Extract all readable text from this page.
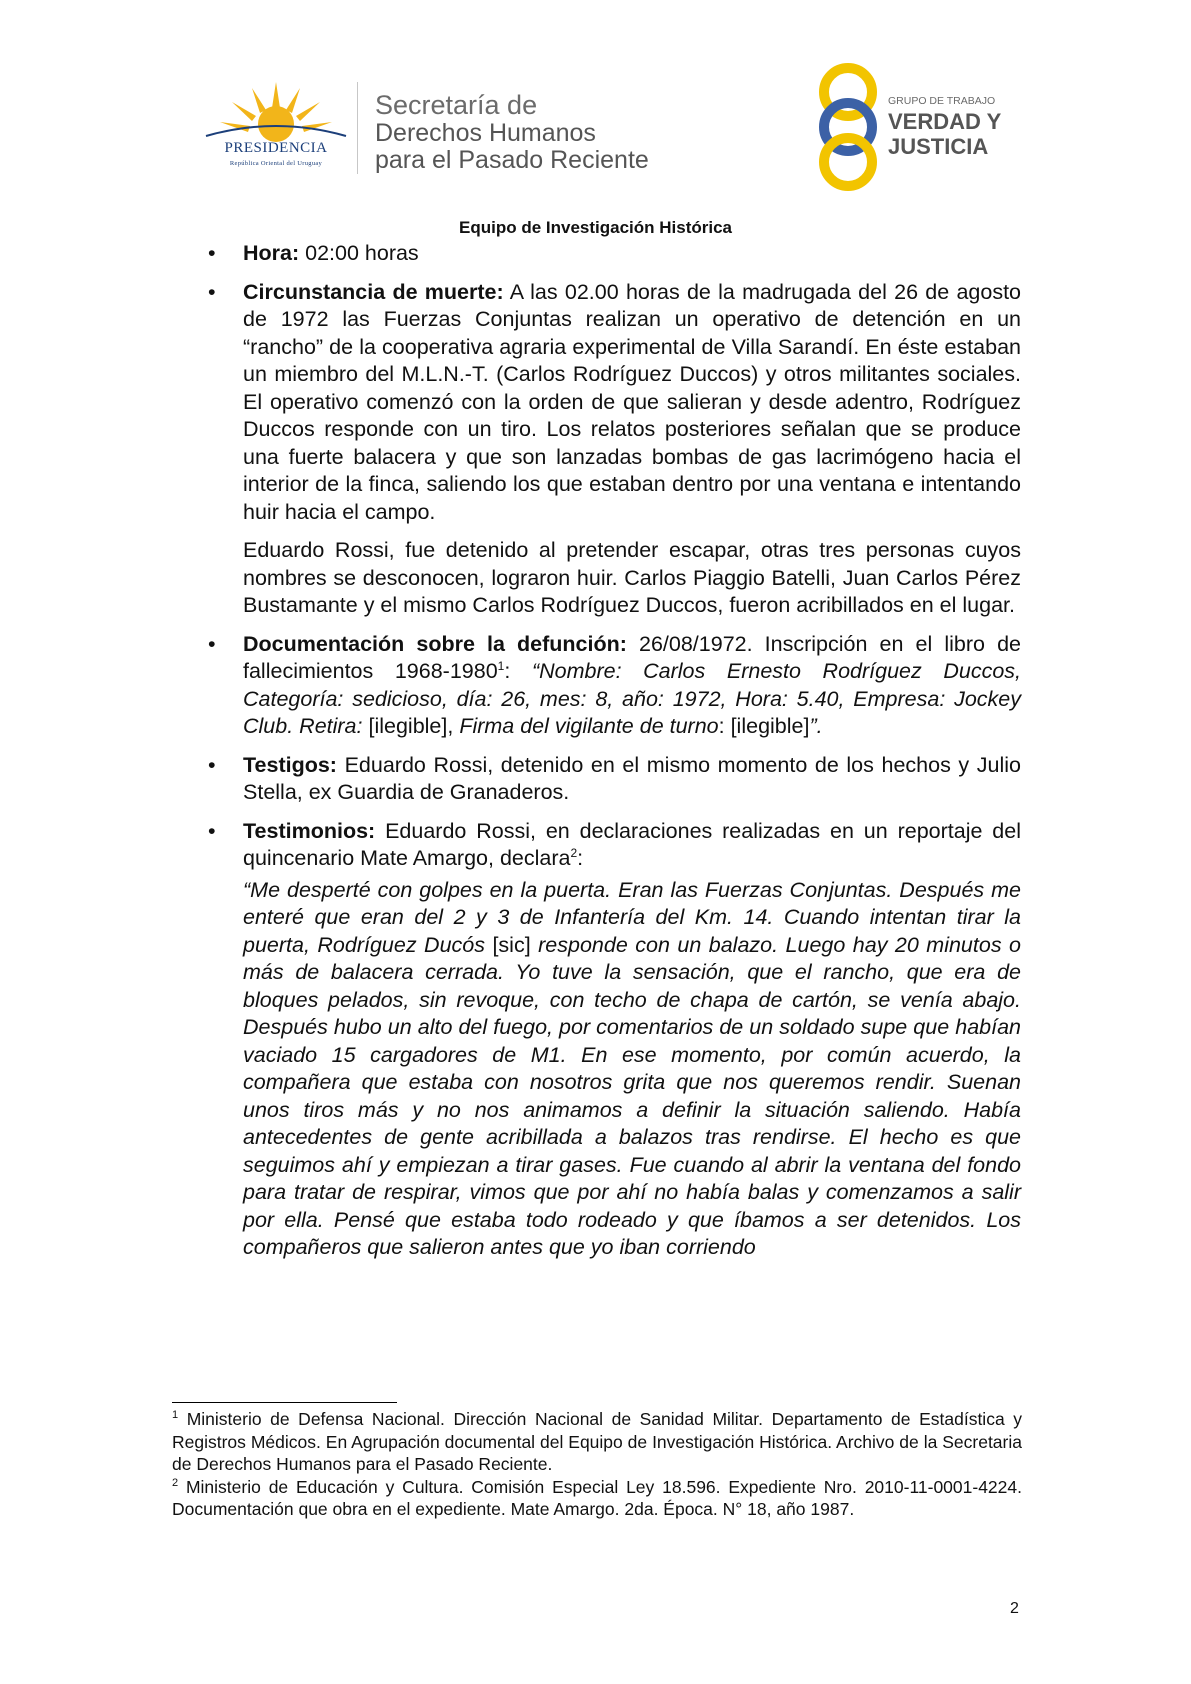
PRESIDENCIA
República Oriental del Uruguay
Secretaría de
Derechos Humanos
para el Pasado Reciente
GRUPO DE TRABAJO
VERDAD Y
JUSTICIA
Equipo de Investigación Histórica
• Hora: 02:00 horas
• Circunstancia de muerte: A las 02.00 horas de la madrugada del 26 de agosto de 1972 las Fuerzas Conjuntas realizan un operativo de detención en un “rancho” de la cooperativa agraria experimental de Villa Sarandí. En éste estaban un miembro del M.L.N.-T. (Carlos Rodríguez Duccos) y otros militantes sociales. El operativo comenzó con la orden de que salieran y desde adentro, Rodríguez Duccos responde con un tiro. Los relatos posteriores señalan que se produce una fuerte balacera y que son lanzadas bombas de gas lacrimógeno hacia el interior de la finca, saliendo los que estaban dentro por una ventana e intentando huir hacia el campo.

Eduardo Rossi, fue detenido al pretender escapar, otras tres personas cuyos nombres se desconocen, lograron huir. Carlos Piaggio Batelli, Juan Carlos Pérez Bustamante y el mismo Carlos Rodríguez Duccos, fueron acribillados en el lugar.

• Documentación sobre la defunción: 26/08/1972. Inscripción en el libro de fallecimientos 1968-1980$^1$: “Nombre: Carlos Ernesto Rodríguez Duccos, Categoría: sedicioso, día: 26, mes: 8, año: 1972, Hora: 5.40, Empresa: Jockey Club. Retira: [ilegible], Firma del vigilante de turno: [ilegible]”.
• Testigos: Eduardo Rossi, detenido en el mismo momento de los hechos y Julio Stella, ex Guardia de Granaderos.
• Testimonios: Eduardo Rossi, en declaraciones realizadas en un reportaje del quincenario Mate Amargo, declara$^2$:

“Me desperté con golpes en la puerta. Eran las Fuerzas Conjuntas. Después me enteré que eran del 2 y 3 de Infantería del Km. 14. Cuando intentan tirar la puerta, Rodríguez Ducós [sic] responde con un balazo. Luego hay 20 minutos o más de balacera cerrada. Yo tuve la sensación, que el rancho, que era de bloques pelados, sin revoque, con techo de chapa de cartón, se venía abajo. Después hubo un alto del fuego, por comentarios de un soldado supe que habían vaciado 15 cargadores de M1. En ese momento, por común acuerdo, la compañera que estaba con nosotros grita que nos queremos rendir. Suenan unos tiros más y no nos animamos a definir la situación saliendo. Había antecedentes de gente acribillada a balazos tras rendirse. El hecho es que seguimos ahí y empiezan a tirar gases. Fue cuando al abrir la ventana del fondo para tratar de respirar, vimos que por ahí no había balas y comenzamos a salir por ella. Pensé que estaba todo rodeado y que íbamos a ser detenidos. Los compañeros que salieron antes que yo iban corriendo

$^1$ Ministerio de Defensa Nacional. Dirección Nacional de Sanidad Militar. Departamento de Estadística y Registros Médicos. En Agrupación documental del Equipo de Investigación Histórica. Archivo de la Secretaria de Derechos Humanos para el Pasado Reciente.

$^2$ Ministerio de Educación y Cultura. Comisión Especial Ley 18.596. Expediente Nro. 2010-11-0001-4224. Documentación que obra en el expediente. Mate Amargo. 2da. Época. N° 18, año 1987.

2
